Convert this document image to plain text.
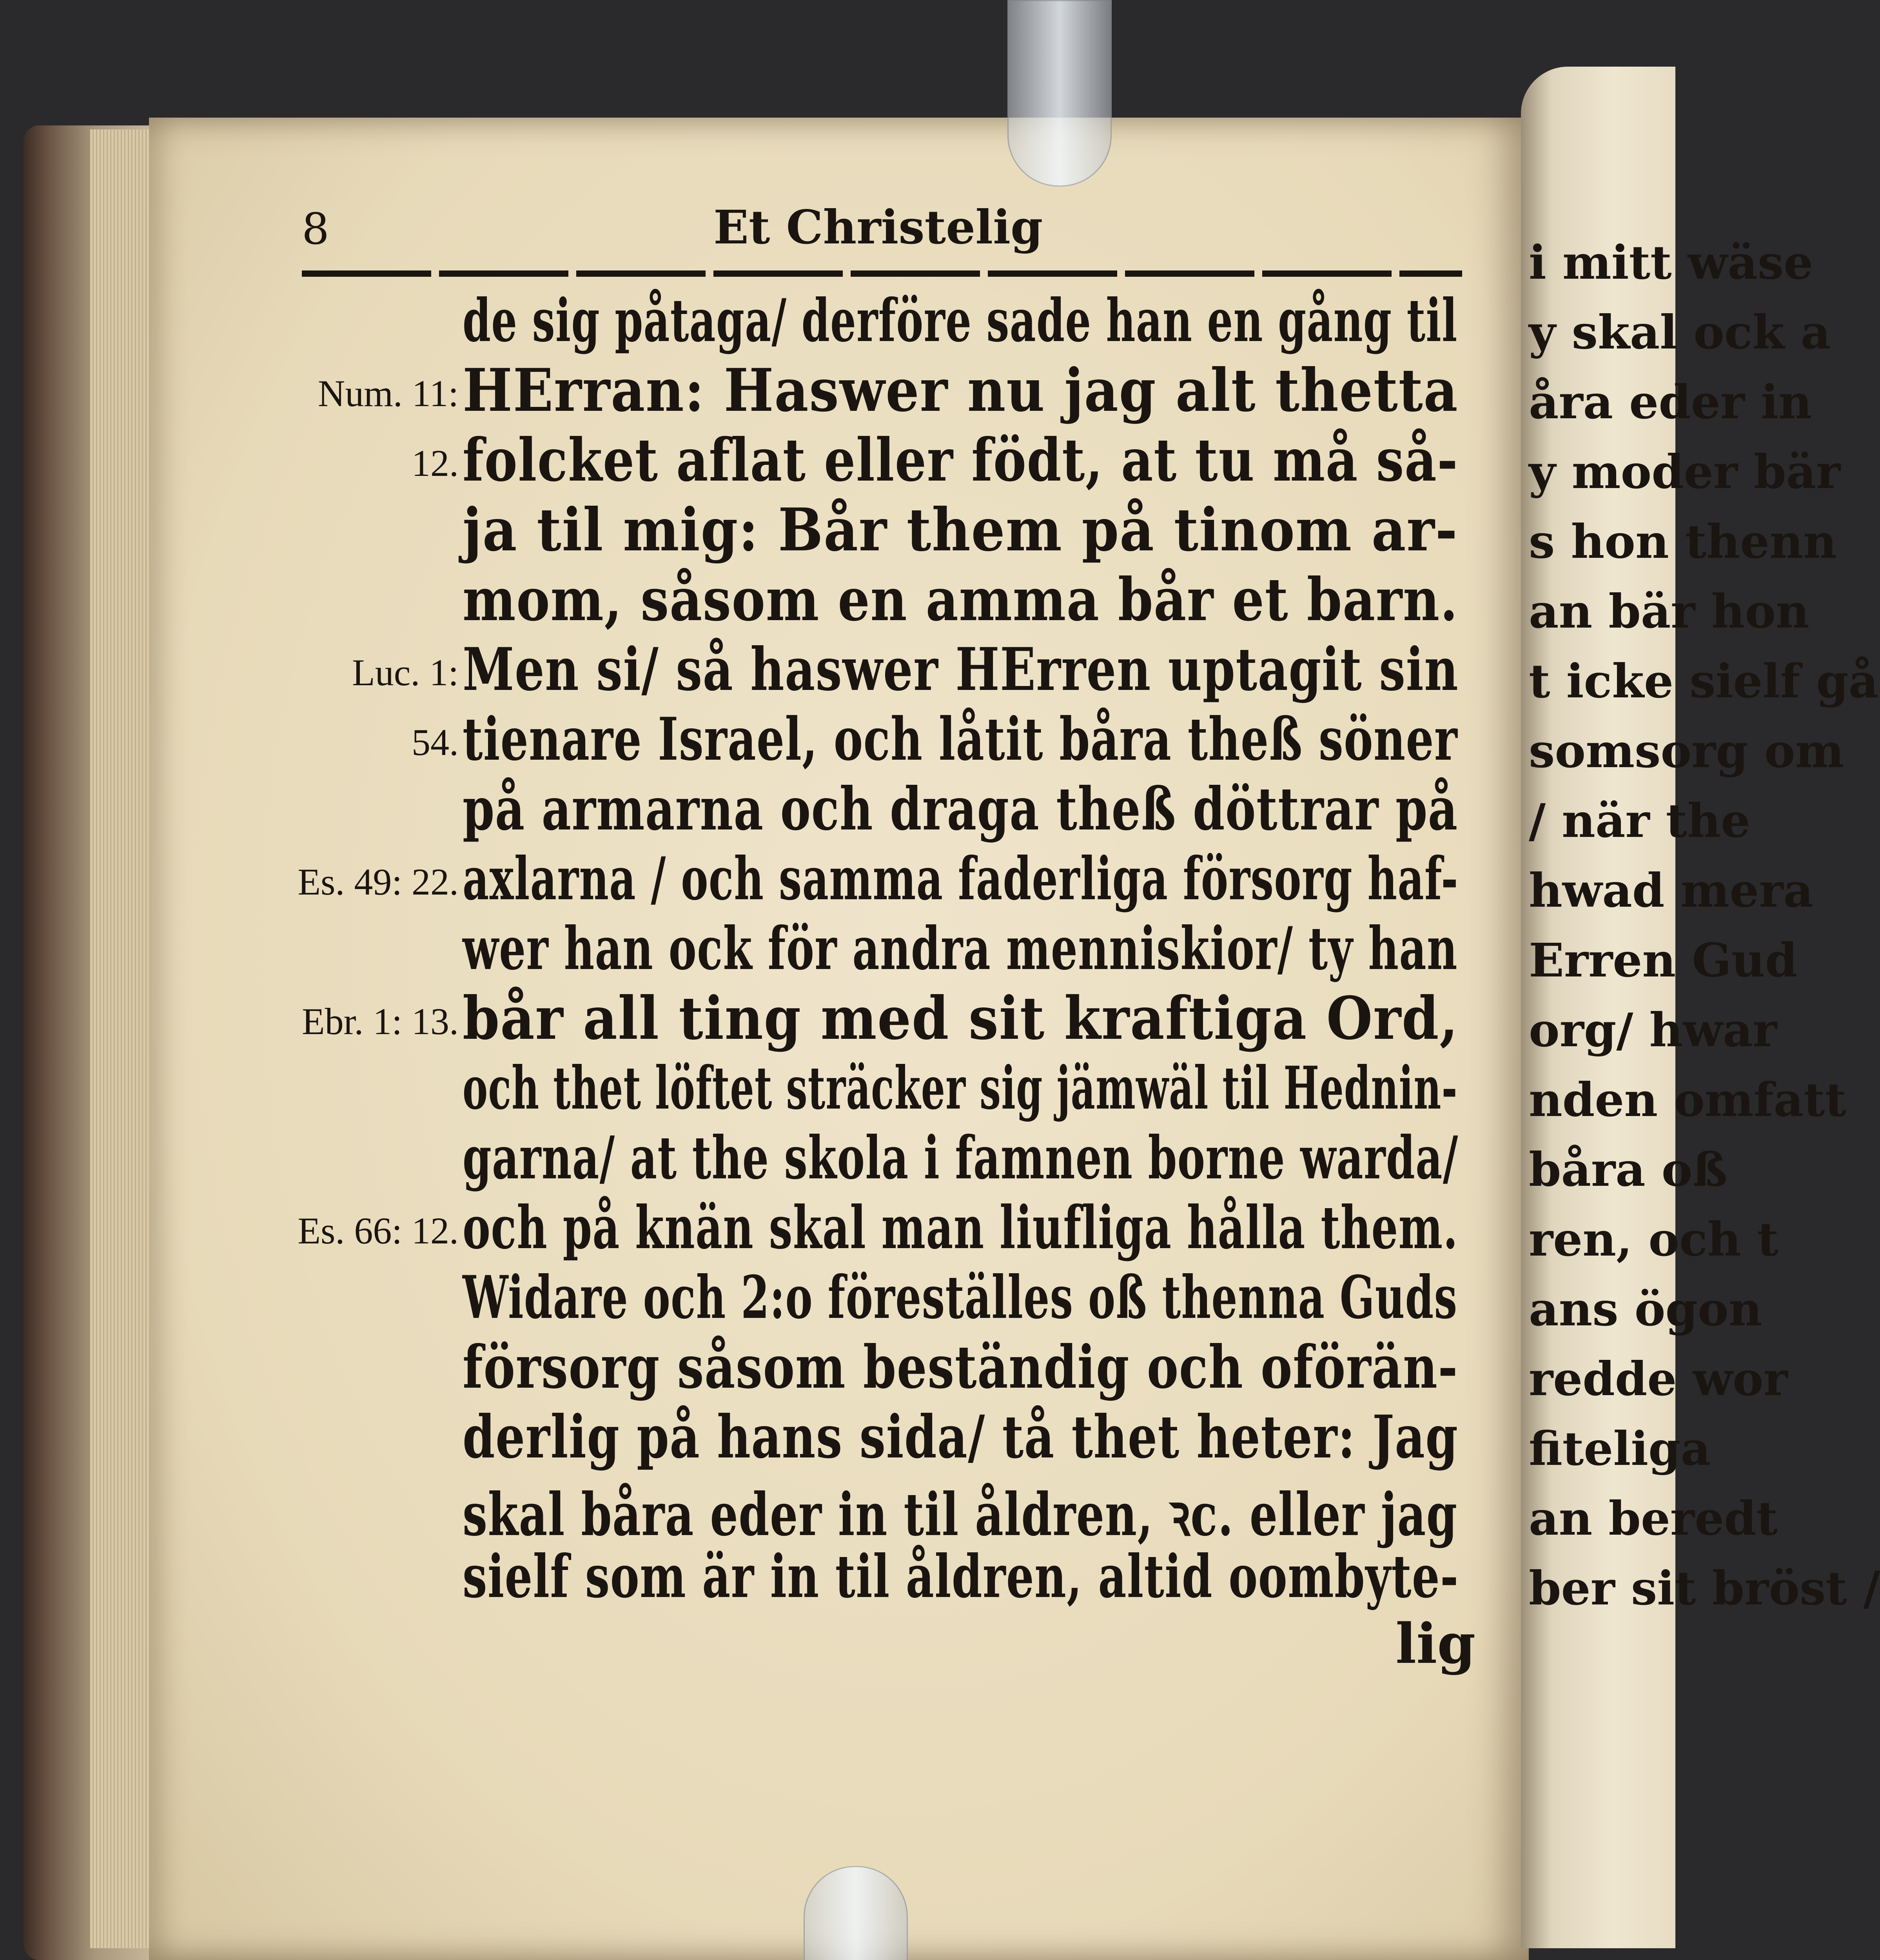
8	Et Christelig
de sig påtaga/ derföre sade han en gång til
HErran: Haswer nu jag alt thetta
folcket aflat eller födt, at tu må så-
ja til mig: Bår them på tinom ar-
mom, såsom en amma bår et barn.
Men si/ så haswer HErren uptagit sin
tienare Israel, och låtit båra theß söner
på armarna och draga theß döttrar på
axlarna / och samma faderliga försorg haf-
wer han ock för andra menniskior/ ty han
bår all ting med sit kraftiga Ord,
och thet löftet sträcker sig jämwäl til Hednin-
garna/ at the skola i famnen borne warda/
och på knän skal man liufliga hålla them.
Widare och 2:o föreställes oß thenna Guds
försorg såsom beständig och oförän-
derlig på hans sida/ tå thet heter: Jag
skal båra eder in til åldren, ꝛc. eller jag
sielf som är in til åldren, altid oombyte-
Num. 11:
12.
Luc. 1:
54.
Es. 49: 22.
Ebr. 1: 13.
Es. 66: 12.
lig
i mitt wäse
y skal ock a
åra eder in
y moder bär
s hon thenn
an bär hon
t icke sielf gå
somsorg om
/ när the
hwad mera
Erren Gud
org/ hwar
nden omfatt
båra oß
ren, och t
ans ögon
redde wor
fiteliga
an beredt
ber sit bröst /
